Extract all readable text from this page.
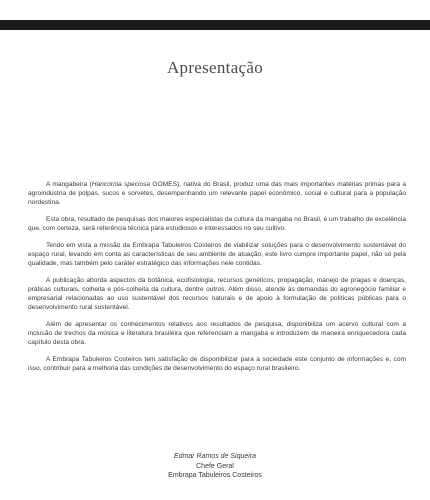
Apresentação

A mangabeira (Hancornia speciosa GOMES), nativa do Brasil, produz uma das mais importantes matérias primas para a agroindústria de polpas, sucos e sorvetes, desempenhando um relevante papel econômico, social e cultural para a população nordestina.

Esta obra, resultado de pesquisas dos maiores especialistas da cultura da mangaba no Brasil, é um trabalho de excelência que, com certeza, será referência técnica para estudiosos e interessados no seu cultivo.

Tendo em vista a missão da Embrapa Tabuleiros Costeiros de viabilizar soluções para o desenvolvimento sustentável do espaço rural, levando em conta as características de seu ambiente de atuação, este livro cumpre importante papel, não só pela qualidade, mas também pelo caráter estratégico das informações nele contidas.

A publicação aborda aspectos da botânica, ecofisiologia, recursos genéticos, propagação, manejo de pragas e doenças, práticas culturais, colheita e pós-colheita da cultura, dentre outros. Além disso, atende às demandas do agronegócio familiar e empresarial relacionadas ao uso sustentável dos recursos naturais e de apoio à formulação de políticas públicas para o desenvolvimento rural sustentável.

Além de apresentar os conhecimentos relativos aos resultados de pesquisa, disponibiliza um acervo cultural com a inclusão de trechos da música e literatura brasileira que referenciam a mangaba e introduzem de maneira enriquecedora cada capítulo desta obra.

A Embrapa Tabuleiros Costeiros tem satisfação de disponibilizar para a sociedade este conjunto de informações e, com isso, contribuir para a melhoria das condições de desenvolvimento do espaço rural brasileiro.

Edmar Ramos de Siqueira
Chefe Geral
Embrapa Tabuleiros Costeiros
